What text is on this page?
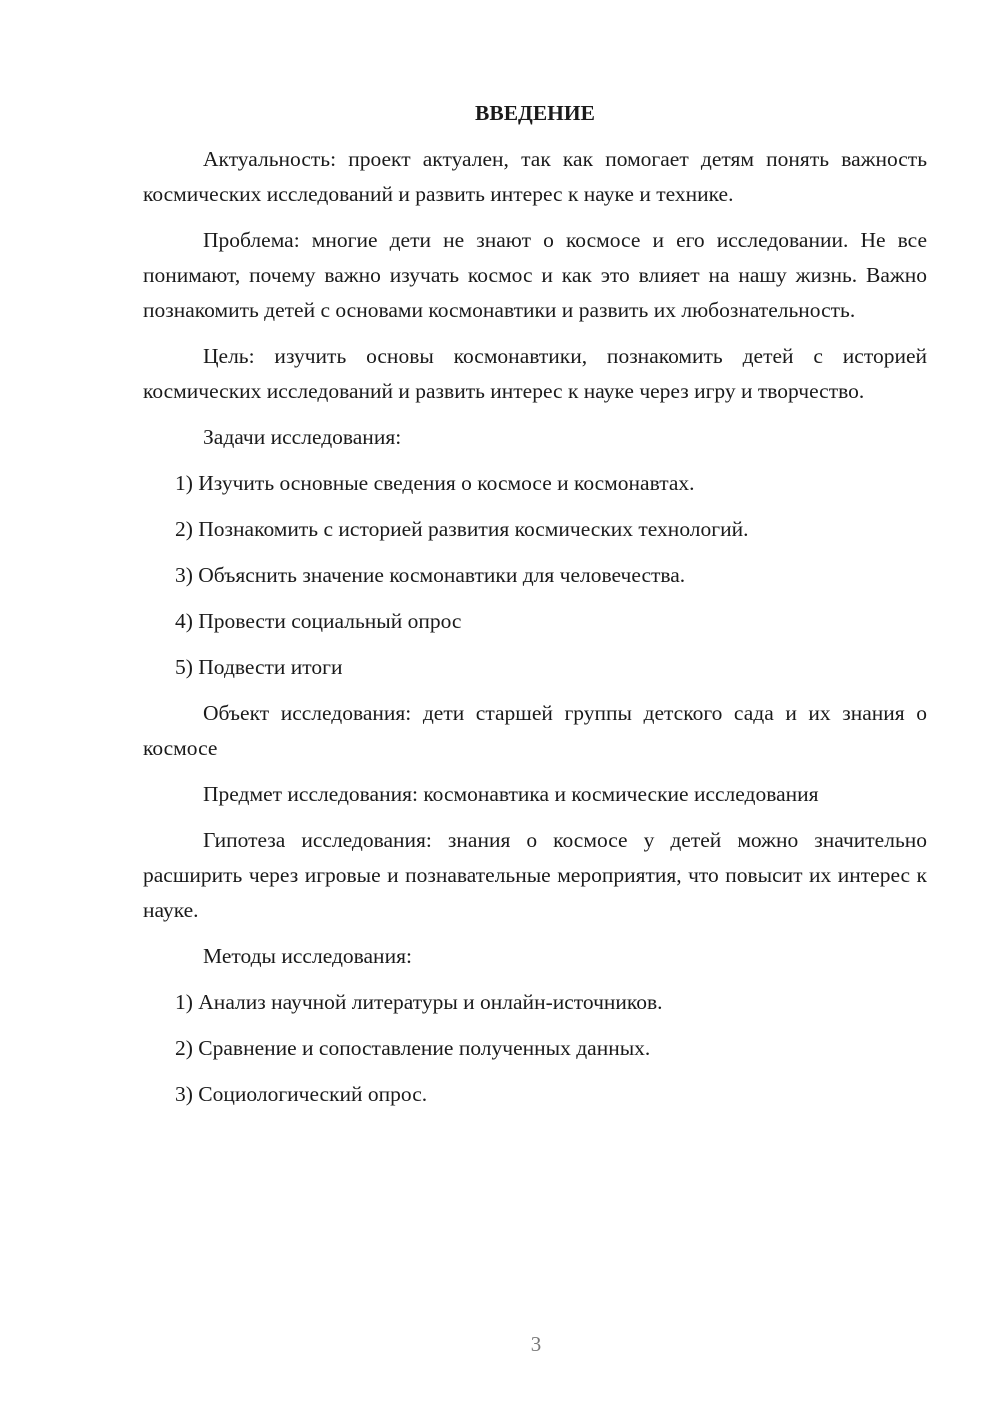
ВВЕДЕНИЕ

Актуальность: проект актуален, так как помогает детям понять важность космических исследований и развить интерес к науке и технике.

Проблема: многие дети не знают о космосе и его исследовании. Не все понимают, почему важно изучать космос и как это влияет на нашу жизнь. Важно познакомить детей с основами космонавтики и развить их любознательность.

Цель: изучить основы космонавтики, познакомить детей с историей космических исследований и развить интерес к науке через игру и творчество.

Задачи исследования:

1) Изучить основные сведения о космосе и космонавтах.
2) Познакомить с историей развития космических технологий.
3) Объяснить значение космонавтики для человечества.
4) Провести социальный опрос
5) Подвести итоги

Объект исследования: дети старшей группы детского сада и их знания о космосе

Предмет исследования: космонавтика и космические исследования

Гипотеза исследования: знания о космосе у детей можно значительно расширить через игровые и познавательные мероприятия, что повысит их интерес к науке.

Методы исследования:

1) Анализ научной литературы и онлайн-источников.
2) Сравнение и сопоставление полученных данных.
3) Социологический опрос.
3
